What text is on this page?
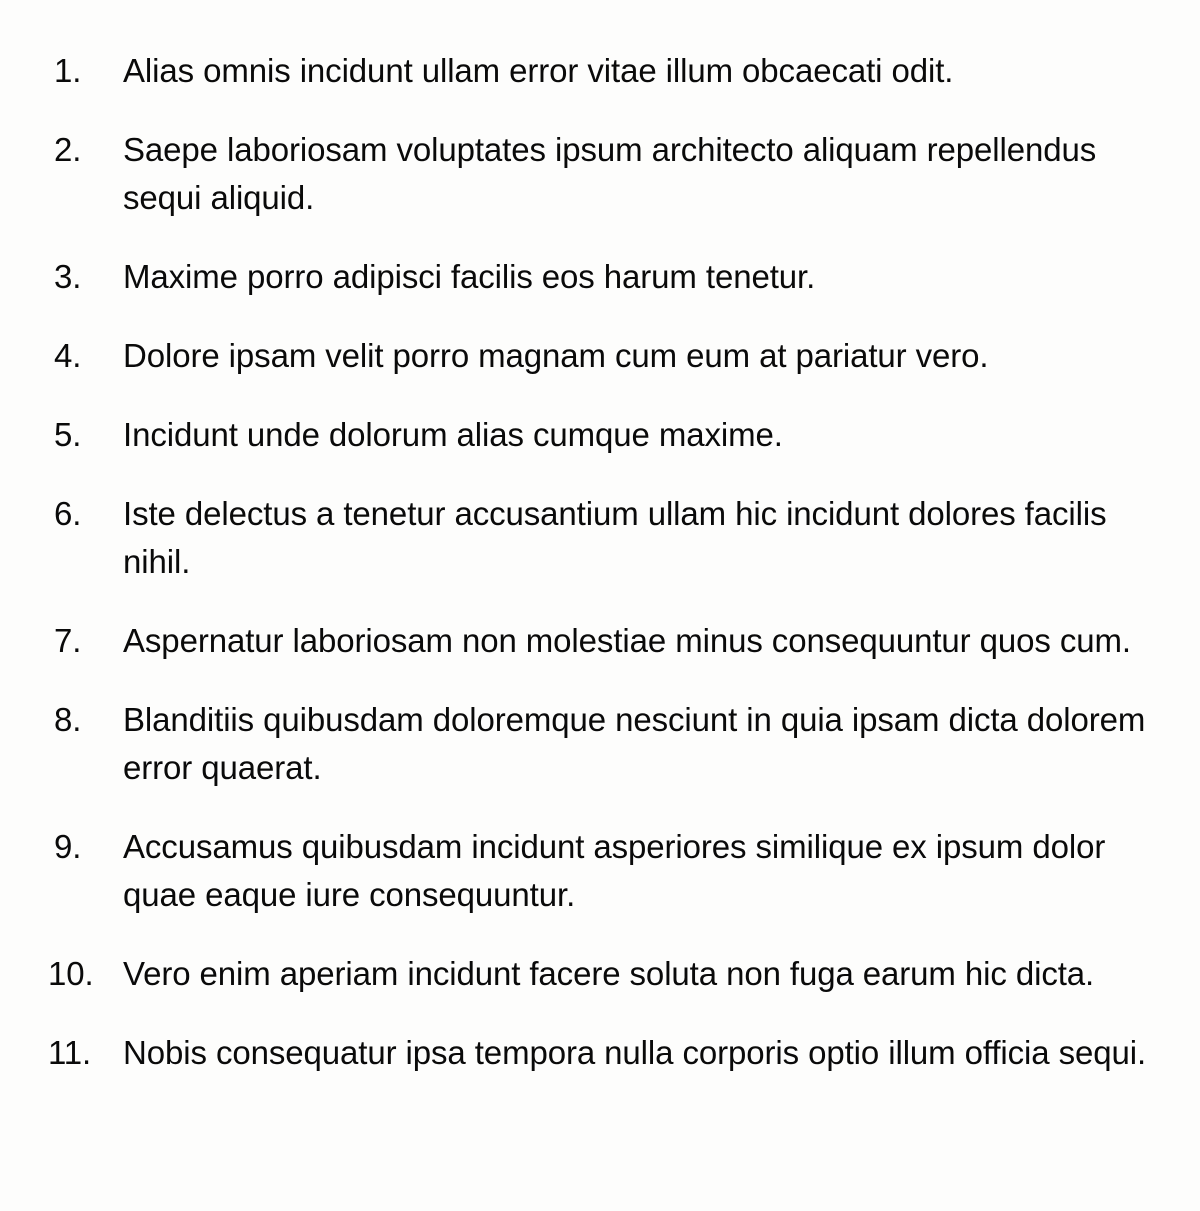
1.	Alias omnis incidunt ullam error vitae illum obcaecati odit.
2.	Saepe laboriosam voluptates ipsum architecto aliquam repellendus sequi aliquid.
3.	Maxime porro adipisci facilis eos harum tenetur.
4.	Dolore ipsam velit porro magnam cum eum at pariatur vero.
5.	Incidunt unde dolorum alias cumque maxime.
6.	Iste delectus a tenetur accusantium ullam hic incidunt dolores facilis nihil.
7.	Aspernatur laboriosam non molestiae minus consequuntur quos cum.
8.	Blanditiis quibusdam doloremque nesciunt in quia ipsam dicta dolorem error quaerat.
9.	Accusamus quibusdam incidunt asperiores similique ex ipsum dolor quae eaque iure consequuntur.
10. Vero enim aperiam incidunt facere soluta non fuga earum hic dicta.
11. Nobis consequatur ipsa tempora nulla corporis optio illum officia sequi.
